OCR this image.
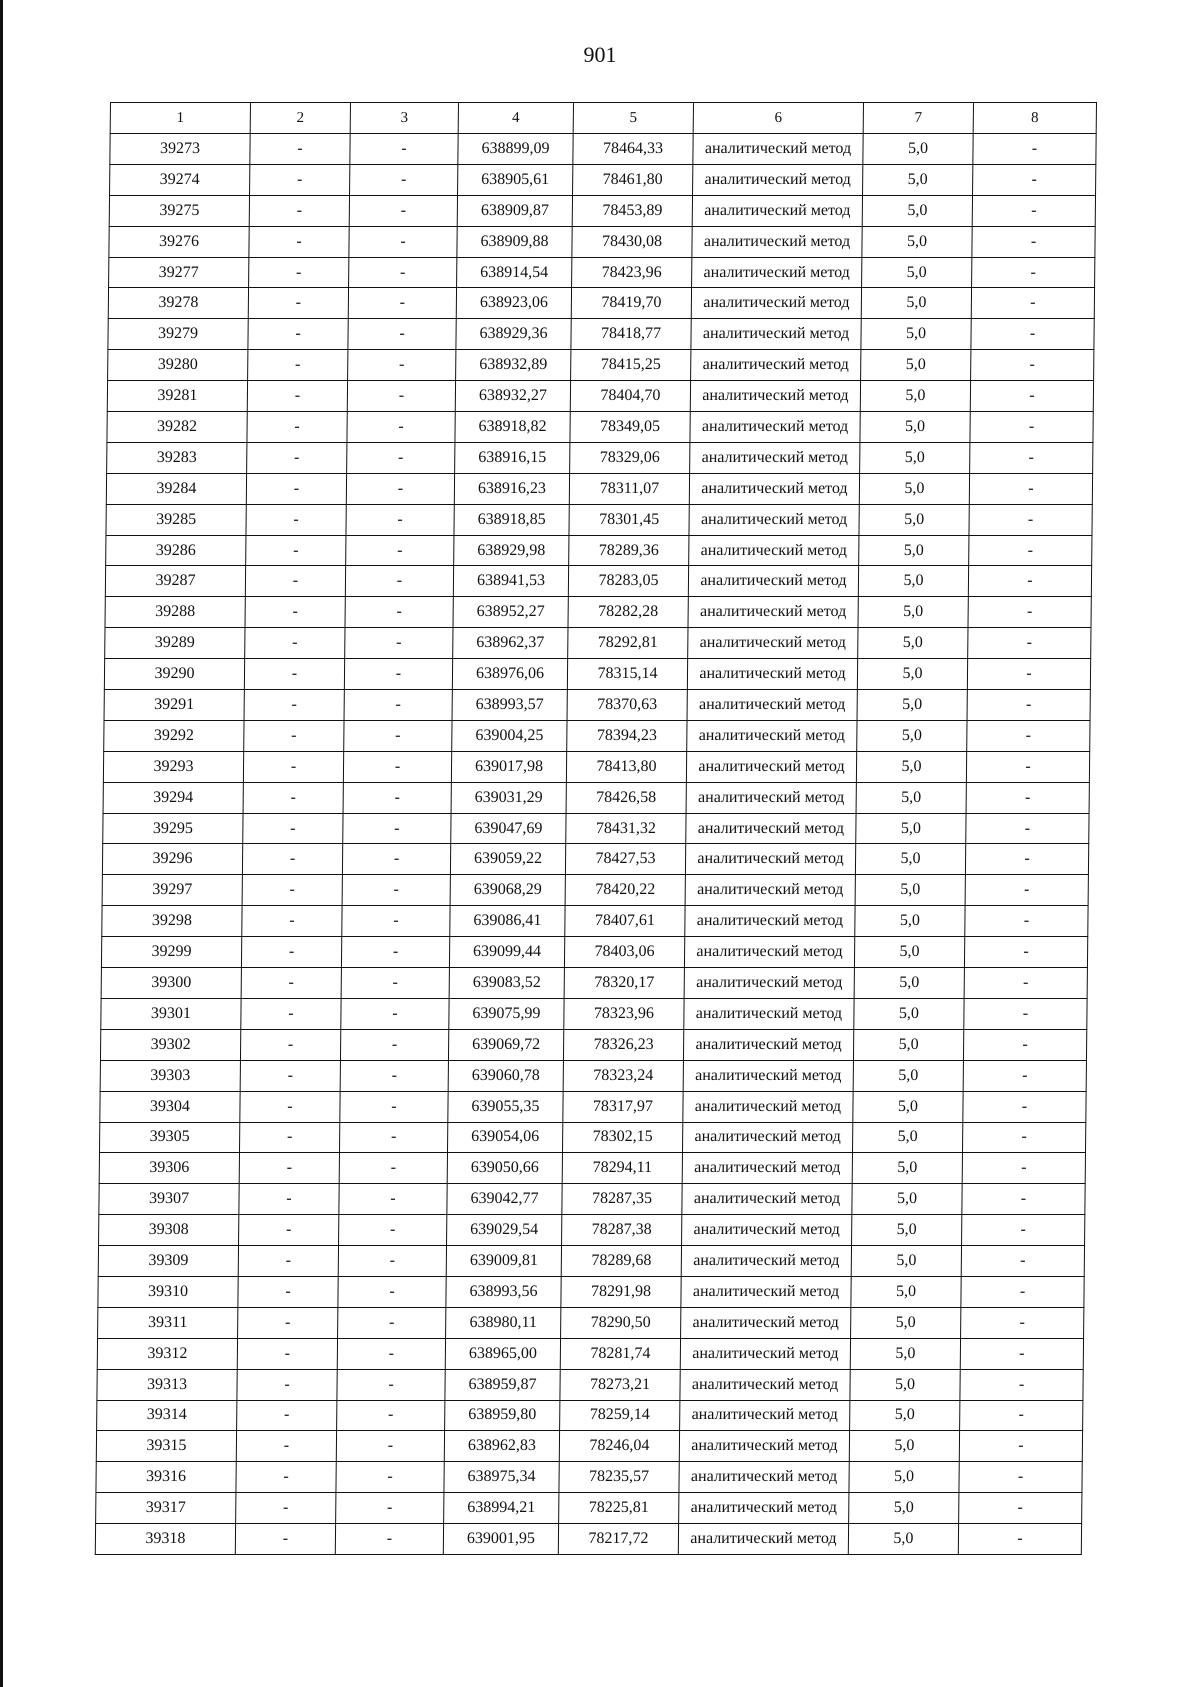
901
1	2	3	4	5	6	7	8
39273	-	-	638899,09	78464,33	аналитический метод	5,0	-
39274	-	-	638905,61	78461,80	аналитический метод	5,0	-
39275	-	-	638909,87	78453,89	аналитический метод	5,0	-
39276	-	-	638909,88	78430,08	аналитический метод	5,0	-
39277	-	-	638914,54	78423,96	аналитический метод	5,0	-
39278	-	-	638923,06	78419,70	аналитический метод	5,0	-
39279	-	-	638929,36	78418,77	аналитический метод	5,0	-
39280	-	-	638932,89	78415,25	аналитический метод	5,0	-
39281	-	-	638932,27	78404,70	аналитический метод	5,0	-
39282	-	-	638918,82	78349,05	аналитический метод	5,0	-
39283	-	-	638916,15	78329,06	аналитический метод	5,0	-
39284	-	-	638916,23	78311,07	аналитический метод	5,0	-
39285	-	-	638918,85	78301,45	аналитический метод	5,0	-
39286	-	-	638929,98	78289,36	аналитический метод	5,0	-
39287	-	-	638941,53	78283,05	аналитический метод	5,0	-
39288	-	-	638952,27	78282,28	аналитический метод	5,0	-
39289	-	-	638962,37	78292,81	аналитический метод	5,0	-
39290	-	-	638976,06	78315,14	аналитический метод	5,0	-
39291	-	-	638993,57	78370,63	аналитический метод	5,0	-
39292	-	-	639004,25	78394,23	аналитический метод	5,0	-
39293	-	-	639017,98	78413,80	аналитический метод	5,0	-
39294	-	-	639031,29	78426,58	аналитический метод	5,0	-
39295	-	-	639047,69	78431,32	аналитический метод	5,0	-
39296	-	-	639059,22	78427,53	аналитический метод	5,0	-
39297	-	-	639068,29	78420,22	аналитический метод	5,0	-
39298	-	-	639086,41	78407,61	аналитический метод	5,0	-
39299	-	-	639099,44	78403,06	аналитический метод	5,0	-
39300	-	-	639083,52	78320,17	аналитический метод	5,0	-
39301	-	-	639075,99	78323,96	аналитический метод	5,0	-
39302	-	-	639069,72	78326,23	аналитический метод	5,0	-
39303	-	-	639060,78	78323,24	аналитический метод	5,0	-
39304	-	-	639055,35	78317,97	аналитический метод	5,0	-
39305	-	-	639054,06	78302,15	аналитический метод	5,0	-
39306	-	-	639050,66	78294,11	аналитический метод	5,0	-
39307	-	-	639042,77	78287,35	аналитический метод	5,0	-
39308	-	-	639029,54	78287,38	аналитический метод	5,0	-
39309	-	-	639009,81	78289,68	аналитический метод	5,0	-
39310	-	-	638993,56	78291,98	аналитический метод	5,0	-
39311	-	-	638980,11	78290,50	аналитический метод	5,0	-
39312	-	-	638965,00	78281,74	аналитический метод	5,0	-
39313	-	-	638959,87	78273,21	аналитический метод	5,0	-
39314	-	-	638959,80	78259,14	аналитический метод	5,0	-
39315	-	-	638962,83	78246,04	аналитический метод	5,0	-
39316	-	-	638975,34	78235,57	аналитический метод	5,0	-
39317	-	-	638994,21	78225,81	аналитический метод	5,0	-
39318	-	-	639001,95	78217,72	аналитический метод	5,0	-
